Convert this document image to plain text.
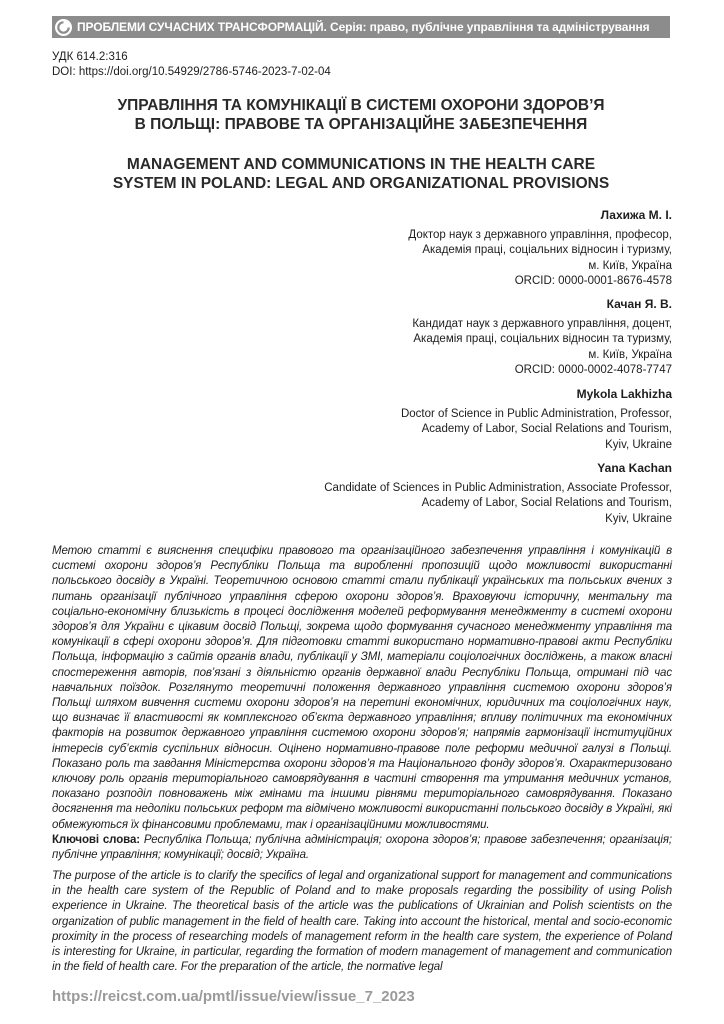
ПРОБЛЕМИ СУЧАСНИХ ТРАНСФОРМАЦІЙ. Серія: право, публічне управління та адміністрування
УДК 614.2:316
DOI: https://doi.org/10.54929/2786-5746-2023-7-02-04
УПРАВЛІННЯ ТА КОМУНІКАЦІЇ В СИСТЕМІ ОХОРОНИ ЗДОРОВ’Я
В ПОЛЬЩІ: ПРАВОВЕ ТА ОРГАНІЗАЦІЙНЕ ЗАБЕЗПЕЧЕННЯ
MANAGEMENT AND COMMUNICATIONS IN THE HEALTH CARE
SYSTEM IN POLAND: LEGAL AND ORGANIZATIONAL PROVISIONS
Лахижа М. І.
Доктор наук з державного управління, професор,
Академія праці, соціальних відносин і туризму,
м. Київ, Україна
ORCID: 0000-0001-8676-4578
Качан Я. В.
Кандидат наук з державного управління, доцент,
Академія праці, соціальних відносин та туризму,
м. Київ, Україна
ORCID: 0000-0002-4078-7747
Mykola Lakhizha
Doctor of Science in Public Administration, Professor,
Academy of Labor, Social Relations and Tourism,
Kyiv, Ukraine
Yana Kachan
Candidate of Sciences in Public Administration, Associate Professor,
Academy of Labor, Social Relations and Tourism,
Kyiv, Ukraine
Метою статті є вияснення специфіки правового та організаційного забезпечення управління і комунікацій в системі охорони здоров’я Республіки Польща та виробленні пропозицій щодо можливості використанні польського досвіду в Україні. Теоретичною основою статті стали публікації українських та польських вчених з питань організації публічного управління сферою охорони здоров’я. Враховуючи історичну, ментальну та соціально-економічну близькість в процесі дослідження моделей реформування менеджменту в системі охорони здоров’я для України є цікавим досвід Польщі, зокрема щодо формування сучасного менеджменту управління та комунікації в сфері охорони здоров’я. Для підготовки статті використано нормативно-правові акти Республіки Польща, інформацію з сайтів органів влади, публікації у ЗМІ, матеріали соціологічних досліджень, а також власні спостереження авторів, пов’язані з діяльністю органів державної влади Республіки Польща, отримані під час навчальних поїздок. Розглянуто теоретичні положення державного управління системою охорони здоров’я Польщі шляхом вивчення системи охорони здоров’я на перетині економічних, юридичних та соціологічних наук, що визначає її властивості як комплексного об’єкта державного управління; впливу політичних та економічних факторів на розвиток державного управління системою охорони здоров’я; напрямів гармонізації інституційних інтересів суб’єктів суспільних відносин. Оцінено нормативно-правове поле реформи медичної галузі в Польщі. Показано роль та завдання Міністерства охорони здоров’я та Національного фонду здоров’я. Охарактеризовано ключову роль органів територіального самоврядування в частині створення та утримання медичних установ, показано розподіл повноважень між гмінами та іншими рівнями територіального самоврядування. Показано досягнення та недоліки польських реформ та відмічено можливості використанні польського досвіду в Україні, які обмежуються їх фінансовими проблемами, так і організаційними можливостями.
Ключові слова: Республіка Польща; публічна адміністрація; охорона здоров’я; правове забезпечення; організація; публічне управління; комунікації; досвід; Україна.
The purpose of the article is to clarify the specifics of legal and organizational support for management and communications in the health care system of the Republic of Poland and to make proposals regarding the possibility of using Polish experience in Ukraine. The theoretical basis of the article was the publications of Ukrainian and Polish scientists on the organization of public management in the field of health care. Taking into account the historical, mental and socio-economic proximity in the process of researching models of management reform in the health care system, the experience of Poland is interesting for Ukraine, in particular, regarding the formation of modern management of management and communication in the field of health care. For the preparation of the article, the normative legal
https://reicst.com.ua/pmtl/issue/view/issue_7_2023
